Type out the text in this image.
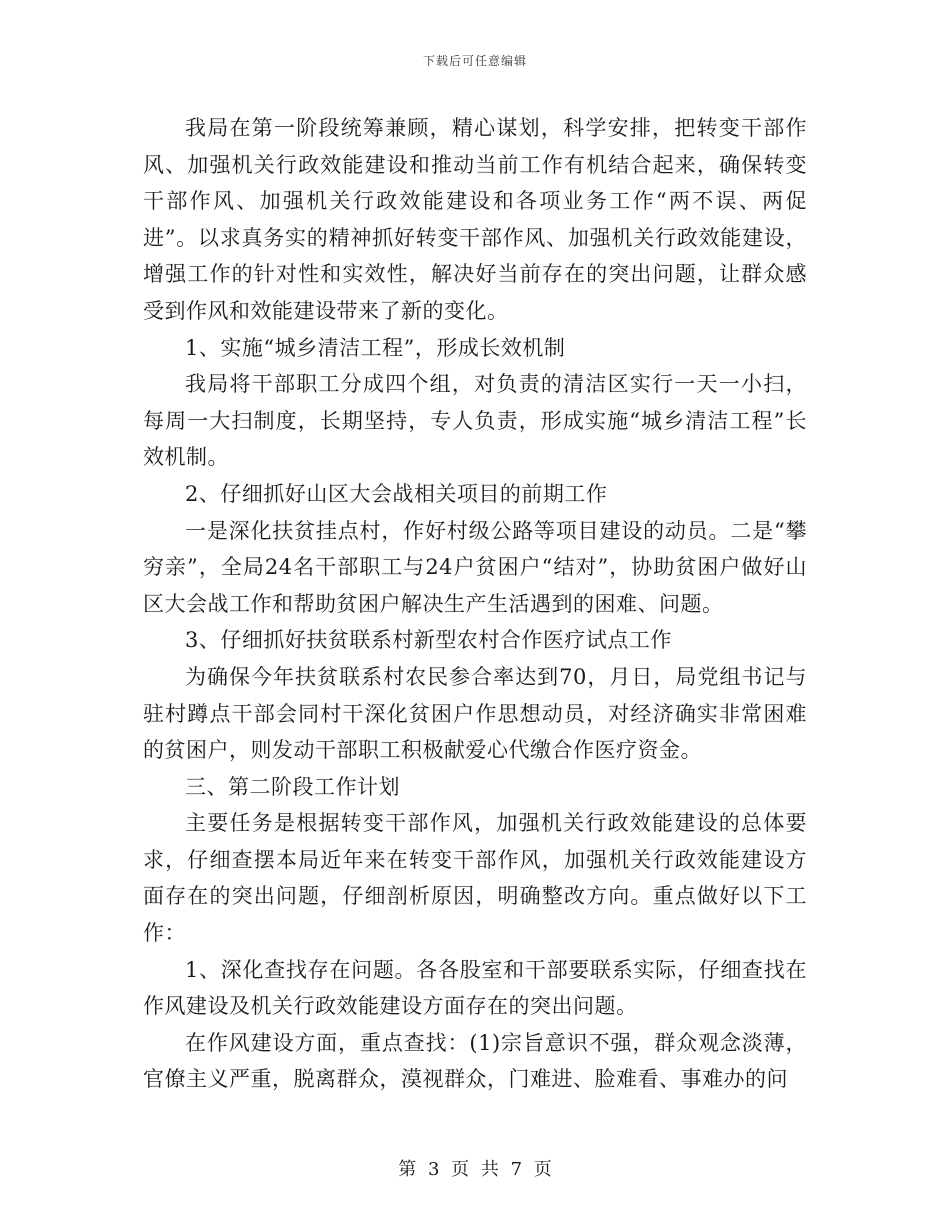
下载后可任意编辑

我局在第一阶段统筹兼顾，精心谋划，科学安排，把转变干部作风、加强机关行政效能建设和推动当前工作有机结合起来，确保转变干部作风、加强机关行政效能建设和各项业务工作“两不误、两促进”。以求真务实的精神抓好转变干部作风、加强机关行政效能建设，增强工作的针对性和实效性，解决好当前存在的突出问题，让群众感受到作风和效能建设带来了新的变化。

1、实施“城乡清洁工程”，形成长效机制

我局将干部职工分成四个组，对负责的清洁区实行一天一小扫，每周一大扫制度，长期坚持，专人负责，形成实施“城乡清洁工程”长效机制。

2、仔细抓好山区大会战相关项目的前期工作

一是深化扶贫挂点村，作好村级公路等项目建设的动员。二是“攀穷亲”，全局24名干部职工与24户贫困户“结对”，协助贫困户做好山区大会战工作和帮助贫困户解决生产生活遇到的困难、问题。

3、仔细抓好扶贫联系村新型农村合作医疗试点工作

为确保今年扶贫联系村农民参合率达到70，月日，局党组书记与驻村蹲点干部会同村干深化贫困户作思想动员，对经济确实非常困难的贫困户，则发动干部职工积极献爱心代缴合作医疗资金。

三、第二阶段工作计划

主要任务是根据转变干部作风，加强机关行政效能建设的总体要求，仔细查摆本局近年来在转变干部作风，加强机关行政效能建设方面存在的突出问题，仔细剖析原因，明确整改方向。重点做好以下工作：

1、深化查找存在问题。各各股室和干部要联系实际，仔细查找在作风建设及机关行政效能建设方面存在的突出问题。

在作风建设方面，重点查找：(1)宗旨意识不强，群众观念淡薄，官僚主义严重，脱离群众，漠视群众，门难进、脸难看、事难办的问

第 3 页 共 7 页
